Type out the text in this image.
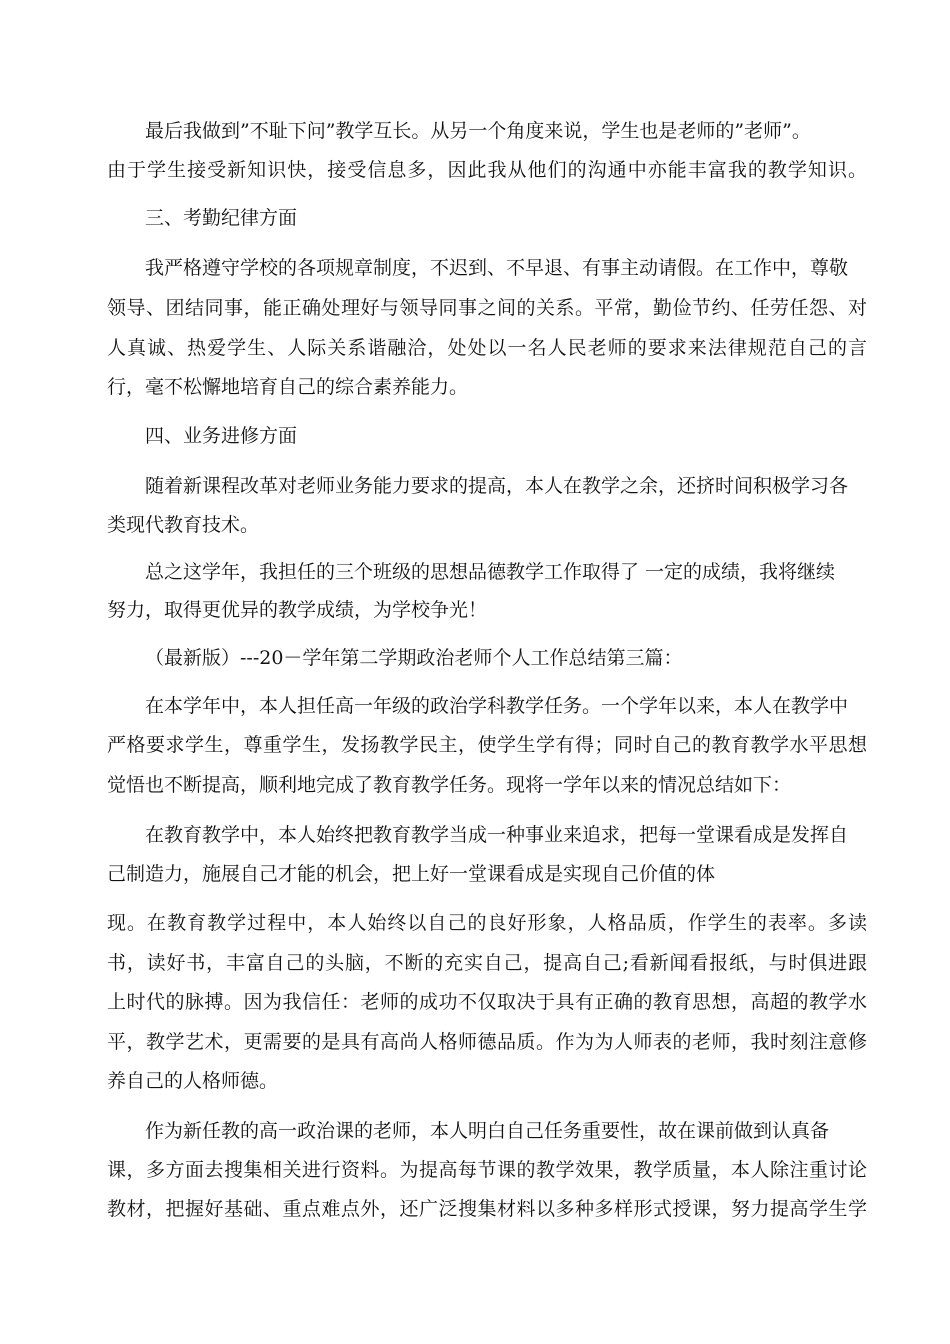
最后我做到”不耻下问”教学互长。从另一个角度来说，学生也是老师的”老师”。
由于学生接受新知识快，接受信息多，因此我从他们的沟通中亦能丰富我的教学知识。
三、考勤纪律方面
我严格遵守学校的各项规章制度，不迟到、不早退、有事主动请假。在工作中，尊敬
领导、团结同事，能正确处理好与领导同事之间的关系。平常，勤俭节约、任劳任怨、对
人真诚、热爱学生、人际关系谐融洽，处处以一名人民老师的要求来法律规范自己的言
行，毫不松懈地培育自己的综合素养能力。
四、业务进修方面
随着新课程改革对老师业务能力要求的提高，本人在教学之余，还挤时间积极学习各
类现代教育技术。
总之这学年，我担任的三个班级的思想品德教学工作取得了 一定的成绩，我将继续
努力，取得更优异的教学成绩，为学校争光！
（最新版）---20－学年第二学期政治老师个人工作总结第三篇：
在本学年中，本人担任高一年级的政治学科教学任务。一个学年以来，本人在教学中
严格要求学生，尊重学生，发扬教学民主，使学生学有得；同时自己的教育教学水平思想
觉悟也不断提高，顺利地完成了教育教学任务。现将一学年以来的情况总结如下：
在教育教学中，本人始终把教育教学当成一种事业来追求，把每一堂课看成是发挥自
己制造力，施展自己才能的机会，把上好一堂课看成是实现自己价值的体
现。在教育教学过程中，本人始终以自己的良好形象，人格品质，作学生的表率。多读
书，读好书，丰富自己的头脑，不断的充实自己，提高自己;看新闻看报纸，与时俱进跟
上时代的脉搏。因为我信任：老师的成功不仅取决于具有正确的教育思想，高超的教学水
平，教学艺术，更需要的是具有高尚人格师德品质。作为为人师表的老师，我时刻注意修
养自己的人格师德。
作为新任教的高一政治课的老师，本人明白自己任务重要性，故在课前做到认真备
课，多方面去搜集相关进行资料。为提高每节课的教学效果，教学质量，本人除注重讨论
教材，把握好基础、重点难点外，还广泛搜集材料以多种多样形式授课，努力提高学生学
